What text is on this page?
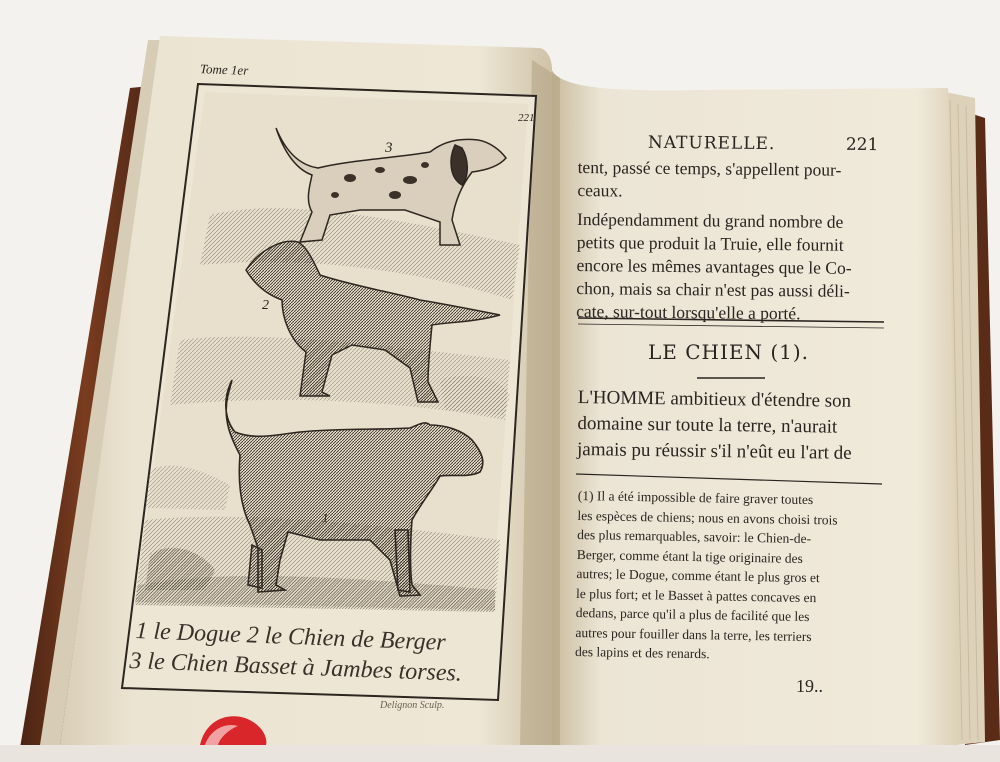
Tome 1er
221
3
2
1
1 le Dogue 2 le Chien de Berger
3 le Chien Basset à Jambes torses.
Delignon Sculp.
NATURELLE.	221
tent, passé ce temps, s'appellent pour-
ceaux.
Indépendamment du grand nombre de
petits que produit la Truie, elle fournit
encore les mêmes avantages que le Co-
chon, mais sa chair n'est pas aussi déli-
cate, sur-tout lorsqu'elle a porté.
LE CHIEN (1).
L'HOMME ambitieux d'étendre son
domaine sur toute la terre, n'aurait
jamais pu réussir s'il n'eût eu l'art de
(1) Il a été impossible de faire graver toutes
les espèces de chiens; nous en avons choisi trois
des plus remarquables, savoir: le Chien-de-
Berger, comme étant la tige originaire des
autres; le Dogue, comme étant le plus gros et
le plus fort; et le Basset à pattes concaves en
dedans, parce qu'il a plus de facilité que les
autres pour fouiller dans la terre, les terriers
des lapins et des renards.
19..
